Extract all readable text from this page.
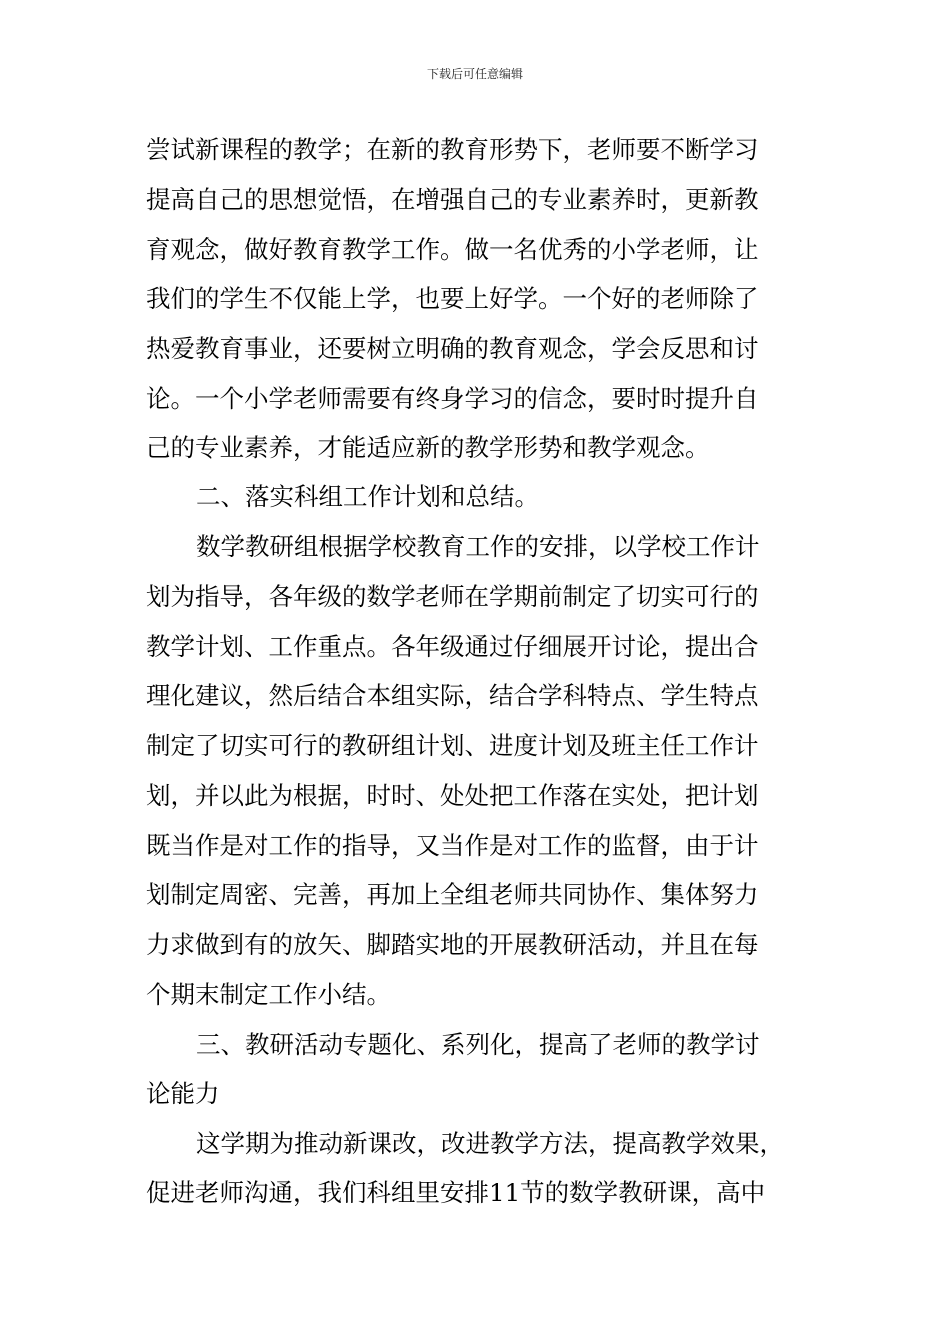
下载后可任意编辑
尝试新课程的教学；在新的教育形势下，老师要不断学习
提高自己的思想觉悟，在增强自己的专业素养时，更新教
育观念，做好教育教学工作。做一名优秀的小学老师，让
我们的学生不仅能上学，也要上好学。一个好的老师除了
热爱教育事业，还要树立明确的教育观念，学会反思和讨
论。一个小学老师需要有终身学习的信念，要时时提升自
己的专业素养，才能适应新的教学形势和教学观念。
二、落实科组工作计划和总结。
数学教研组根据学校教育工作的安排，以学校工作计
划为指导，各年级的数学老师在学期前制定了切实可行的
教学计划、工作重点。各年级通过仔细展开讨论，提出合
理化建议，然后结合本组实际，结合学科特点、学生特点
制定了切实可行的教研组计划、进度计划及班主任工作计
划，并以此为根据，时时、处处把工作落在实处，把计划
既当作是对工作的指导，又当作是对工作的监督，由于计
划制定周密、完善，再加上全组老师共同协作、集体努力
力求做到有的放矢、脚踏实地的开展教研活动，并且在每
个期末制定工作小结。
三、教研活动专题化、系列化，提高了老师的教学讨
论能力
这学期为推动新课改，改进教学方法，提高教学效果，
促进老师沟通，我们科组里安排11节的数学教研课，高中
